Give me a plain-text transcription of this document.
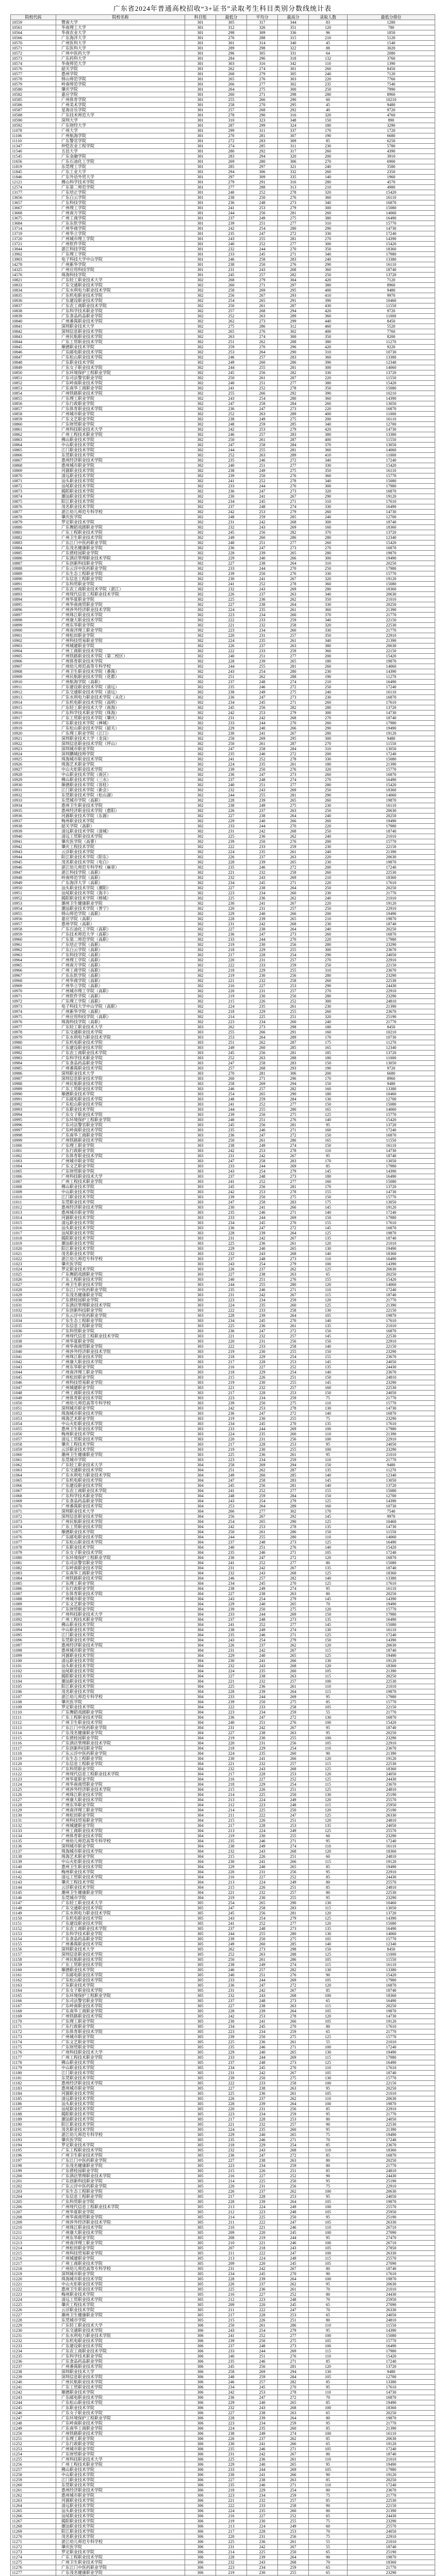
广东省2024年普通高校招收“3+证书”录取考生科目类别分数线统计表
院校代码	院校名称	科目组	最低分	平均分	最高分	录取人数	最低分排位
10559	暨南大学	301	305	317	344	83	1280
10561	华南理工大学	301	312	326	351	120	780
10564	华南农业大学	301	298	309	336	96	1850
10566	广东海洋大学	301	276	288	315	210	5120
10570	广州医科大学	301	301	314	340	45	1540
10571	广东医科大学	301	289	298	322	88	3020
10572	广州中医药大学	301	296	305	331	64	2080
10573	广东药科大学	301	284	296	318	132	3760
10574	华南师范大学	301	303	316	342	110	1390
10576	韶关学院	301	262	274	301	260	8450
10577	惠州学院	301	268	279	305	240	7120
10578	韩山师范学院	301	265	276	303	220	7760
10579	岭南师范学院	301	266	277	302	235	7540
10580	肇庆学院	301	264	275	300	250	7990
10582	嘉应学院	301	260	271	298	280	8960
10585	广州体育学院	301	255	266	290	60	10210
10586	广州美术学院	301	258	270	295	45	9480
10587	星海音乐学院	301	257	268	292	40	9720
10588	广东技术师范大学	301	278	290	316	320	4760
10590	深圳大学	301	310	323	348	150	890
10592	广东财经大学	301	287	299	324	180	3290
11078	广州大学	301	299	311	337	170	1720
11106	广州航海学院	301	270	281	307	190	6680
11110	广东警官学院	301	272	283	309	85	6250
11347	仲恺农业工程学院	301	274	285	311	230	5780
11540	五邑大学	301	280	292	317	260	4390
11545	广东金融学院	301	283	294	320	200	3910
11656	广东石油化工学院	301	269	280	306	270	6900
11819	东莞理工学院	301	285	297	321	240	3580
11845	广东工业大学	301	294	306	332	260	2350
11846	广东外语外贸大学	301	297	309	335	140	1960
12121	佛山科学技术学院	301	279	291	316	280	4570
12574	广东第二师范学院	301	277	288	313	210	4980
13177	广东培正学院	301	240	252	278	320	15420
13656	广东白云学院	301	238	250	276	360	16110
13657	广东科技学院	301	236	248	273	340	16870
13667	广州理工学院	301	241	253	279	300	15080
13668	广州南方学院	301	244	256	281	260	14060
13675	广州工商学院	301	237	249	275	380	16490
13684	广东东软学院	301	239	251	277	310	15770
13714	广州华商学院	301	242	254	280	290	14730
13719	广州华立学院	301	235	247	272	330	17240
13720	广州城市理工学院	301	243	255	281	270	14390
13721	广州软件学院	301	240	252	277	300	15420
13844	湛江科技学院	301	232	244	270	350	18360
13902	广东理工学院	301	233	245	271	340	17980
13903	电子科技大学中山学院	301	246	258	283	240	13380
14278	广州新华学院	301	238	250	276	290	16110
14325	广州应用科技学院	301	231	243	268	360	18740
14576	珠海科技学院	301	245	257	282	250	13720
10821	广东轻工职业技术大学	302	268	279	304	420	7120
10833	广东交通职业技术学院	302	260	271	297	380	8960
10834	广东水利电力职业技术学院	302	258	269	295	400	9480
10835	广东机电职业技术学院	302	256	267	293	410	9970
10836	广东建设职业技术学院	302	254	265	291	390	10460
10837	广东农工商职业技术学院	302	250	261	287	430	11550
10838	广东科学技术职业学院	302	257	268	294	420	9720
10839	广东食品药品职业学院	302	252	263	289	360	11000
10840	广州番禺职业技术学院	302	262	273	299	440	8450
10841	深圳职业技术大学	302	275	286	312	460	5520
10842	深圳信息职业技术学院	302	265	276	302	400	7760
10843	广州民航职业技术学院	302	263	274	300	350	8200
10844	广东工贸职业技术学院	302	251	262	288	380	11270
10845	顺德职业技术学院	302	259	270	296	420	9220
10846	广东邮电职业技术学院	302	253	264	290	310	10730
10847	广东松山职业技术学院	302	246	257	283	360	13380
10848	广东职业技术学院	302	249	260	286	390	12340
10849	广东女子职业技术学院	302	244	255	281	300	14060
10850	广东环境保护工程职业学院	302	245	256	282	330	13720
10851	广东司法警官职业学院	302	250	261	287	220	11550
10852	广东岭南职业技术学院	302	240	251	277	380	15420
10853	广东南华工商职业学院	302	241	252	278	350	15080
10854	广州铁路职业技术学院	302	255	266	292	390	10210
10855	广东理工职业学院	302	243	254	280	360	14390
10856	广东行政职业学院	302	247	258	284	260	13050
10857	广东体育职业技术学院	302	236	247	273	220	16870
10858	广州城市职业学院	302	252	263	289	400	11000
10859	广东文艺职业学院	302	238	249	275	200	16110
10860	广东财贸职业学院	302	248	259	285	340	12700
10861	广州科技职业技术大学	302	242	253	279	420	14730
10862	广州工程技术职业学院	302	246	257	283	380	13380
10863	佛山职业技术学院	302	250	261	287	400	11550
10864	中山职业技术学院	302	247	258	284	370	13050
10865	江门职业技术学院	302	244	255	281	360	14060
10866	东莞职业技术学院	302	252	263	289	410	11000
10867	惠州经济职业技术学院	302	235	246	272	340	17240
10868	惠州城市职业学院	302	240	251	277	330	15420
10869	河源职业技术学院	302	238	249	275	350	16110
10870	清远职业技术学院	302	239	250	276	360	15770
10871	汕头职业技术学院	302	241	252	278	340	15080
10872	汕尾职业技术学院	302	233	244	270	300	17980
10873	揭阳职业技术学院	302	236	247	273	320	16870
10874	潮汕职业技术学院	302	230	241	267	290	19120
10875	阳江职业技术学院	302	234	245	271	310	17610
10876	茂名职业技术学院	302	237	248	274	330	16490
10877	湛江幼儿师范专科学校	302	242	253	279	260	14730
10878	肇庆医学院	302	248	259	285	240	12700
10879	罗定职业技术学院	302	231	242	268	300	18740
10880	广东舞蹈戏剧职业学院	302	232	243	269	160	18360
10881	广东工程职业技术学院	302	245	256	282	370	13720
10882	广州卫生职业技术学院	302	249	260	286	280	12340
10883	广东江门中医药职业学院	302	240	251	277	260	15420
10884	广东茂名健康职业学院	302	236	247	273	270	16870
10885	广东碧桂园职业学院	302	228	239	265	280	19870
10886	广东酒店管理职业技术学院	302	229	240	266	300	19490
10887	广东创新科技职业学院	302	227	238	264	310	20250
10888	广东云浮中医药职业学院	302	233	244	270	250	17980
10889	广东生态工程职业学院	302	239	250	276	330	15770
10890	广东信息工程职业学院	302	230	241	267	320	19120
10891	广东科贸职业学院	302	241	252	278	360	15080
10892	广东农工商职业技术学院（湛江）	302	232	243	269	280	18360
10893	广州现代信息工程职业技术学院	302	226	237	263	340	20630
10894	广州华夏职业学院	302	225	236	262	350	21010
10895	广州华南商贸职业学院	302	227	238	264	330	20250
10896	广州涉外经济职业技术学院	302	224	235	261	360	21390
10897	广州珠江职业技术学院	302	223	234	260	370	21770
10898	广州康大职业技术学院	302	222	233	259	340	22150
10899	广州东华职业学院	302	221	232	258	320	22530
10900	广州南洋理工职业学院	302	223	234	260	330	21770
10901	广州松田职业学院	302	220	231	257	350	22910
10902	广州科技贸易职业学院	302	224	235	261	340	21390
10903	广州城建职业学院	302	226	237	263	380	20630
10904	广州工商职业技术学院	302	222	233	259	360	22150
10905	广州铁路职业技术学院（第二校区）	302	240	251	277	200	15420
10906	广州体育职业技术学院	302	228	239	265	180	19870
10907	广州幼儿师范高等专科学校	302	244	255	281	260	14060
10908	广州卫生职业技术学院（番禺）	302	243	254	280	230	14390
10909	广州民航职业技术学院（花都）	302	251	262	288	190	11270
10910	广州航海学院（高职）	302	237	248	274	210	16490
10911	广东建设职业技术学院（清远）	302	235	246	272	250	17240
10912	广东交通职业技术学院（清远）	302	238	249	275	240	16110
10913	广东水利电力职业技术学院（从化）	302	236	247	273	230	16870
10914	广东机电职业技术学院（高明）	302	234	245	271	260	17610
10915	广东轻工职业技术大学（南海）	302	245	256	282	280	13720
10916	广东科学技术职业学院（珠海）	302	242	253	279	300	14730
10917	广东工贸职业技术学院（肇庆）	302	231	242	268	270	18740
10918	广东职业技术学院（禅城）	302	233	244	270	260	17980
10919	广东松山职业技术学院（韶关）	302	229	240	266	290	19490
10920	广东理工职业学院（江门）	302	230	241	267	280	19120
10921	深圳职业技术大学（龙岗）	302	258	269	295	300	9480
10922	深圳信息职业技术学院（坪山）	302	250	261	287	270	11550
10923	深圳城市职业学院	302	247	258	284	310	13050
10924	深圳鹏城技师学院	302	235	246	272	200	17240
10925	珠海城市职业技术学院	302	241	252	278	330	15080
10926	珠海艺术职业学院	302	224	235	261	180	21390
10927	中山火炬职业技术学院	302	239	250	276	320	15770
10928	中山职业技术学院（南区）	302	236	247	273	260	16870
10929	佛山职业技术学院（三水）	302	237	248	274	270	16490
10930	顺德职业技术学院（容桂）	302	240	251	277	280	15420
10931	江门职业技术学院（新会）	302	232	243	269	250	18360
10932	东莞职业技术学院（松山湖）	302	244	255	281	290	14060
10933	东莞城市学院（高职）	302	228	239	265	260	19870
10934	惠州卫生职业技术学院	302	238	249	275	230	16110
10935	惠州经济职业技术学院（惠阳）	302	226	237	263	250	20630
10936	河源职业技术学院（东源）	302	227	238	264	240	20250
10937	梅州职业技术学院	302	229	240	266	260	19490
10938	韶关学院（高职）	302	233	244	270	220	17980
10939	清远职业技术学院（清城）	302	231	242	268	250	18740
10940	清远工贸职业技术学院	302	225	236	262	240	21010
10941	肇庆医学院（高要）	302	239	250	276	200	15770
10942	肇庆工程技术学院	302	222	233	259	230	22150
10943	云浮职业技术学院	302	224	235	261	240	21390
10944	阳江职业技术学院（阳东）	302	226	237	263	220	20630
10945	茂名职业技术学院（电白）	302	228	239	265	230	19870
10946	湛江幼儿师范专科学校（麻章）	302	235	246	272	200	17240
10947	湛江科技学院（高职）	302	221	232	258	260	22530
10948	岭南师范学院（高职）	302	232	243	269	210	18360
10949	广东海洋大学（高职）	302	234	245	271	220	17610
10950	汕头职业技术学院（潮阳）	302	227	238	264	250	20250
10951	汕尾职业技术学院（海丰）	302	223	234	260	230	21770
10952	揭阳职业技术学院（榕城）	302	225	236	262	240	21010
10953	潮州卫生健康职业学院	302	230	241	267	220	19120
10954	潮汕职业技术学院（普宁）	302	220	231	257	250	22910
10955	韩山师范学院（高职）	302	229	240	266	200	19490
10956	嘉应学院（高职）	302	228	239	265	210	19870
10957	惠州学院（高职）	302	231	242	268	230	18740
10958	广东石油化工学院（高职）	302	227	238	264	240	20250
10959	广东技术师范大学（高职）	302	236	247	273	260	16870
10960	广东第二师范学院（高职）	302	233	244	270	220	17980
10961	广东培正学院（高职）	302	219	230	256	280	23290
10962	广东白云学院（高职）	302	218	229	255	300	23670
10963	广东科技学院（高职）	302	217	228	254	290	24050
10964	广州理工学院（高职）	302	220	231	257	270	22910
10965	广州南方学院（高职）	302	222	233	259	250	22150
10966	广州工商学院（高职）	302	218	229	255	310	23670
10967	广东东软学院（高职）	302	219	230	256	280	23290
10968	广州华商学院（高职）	302	221	232	258	260	22530
10969	广州华立学院（高职）	302	216	227	253	290	24430
10970	广州城市理工学院（高职）	302	220	231	257	270	22910
10971	广州软件学院（高职）	302	219	230	256	280	23290
10972	广东理工学院（高职）	302	215	226	252	300	24810
10973	电子科技大学中山学院（高职）	302	224	235	261	230	21390
10974	广州新华学院（高职）	302	218	229	255	260	23670
10975	广州应用科技学院（高职）	302	214	225	251	320	25190
10976	珠海科技学院（高职）	302	223	234	260	240	21770
10977	广东轻工职业技术大学	303	262	273	298	180	8450
10978	广东交通职业技术学院	303	255	266	291	160	10210
10979	广东水利电力职业技术学院	303	253	264	289	170	10730
10980	广东机电职业技术学院	303	251	262	287	175	11270
10981	广东建设职业技术学院	303	249	260	285	165	12340
10982	广东农工商职业技术学院	303	245	256	281	185	13720
10983	广东科学技术职业学院	303	252	263	288	180	11000
10984	广东食品药品职业学院	303	247	258	283	150	13050
10985	广州番禺职业技术学院	303	257	268	293	190	9720
10986	深圳职业技术大学	303	270	281	306	200	6680
10987	深圳信息职业技术学院	303	260	271	296	170	8960
10988	广州民航职业技术学院	303	258	269	294	150	9480
10989	广东工贸职业技术学院	303	246	257	282	160	13380
10990	顺德职业技术学院	303	254	265	290	180	10460
10991	广东邮电职业技术学院	303	248	259	284	130	12700
10992	广东松山职业技术学院	303	241	252	277	150	15080
10993	广东职业技术学院	303	244	255	280	165	14060
10994	广东女子职业技术学院	303	239	250	275	125	15770
10995	广东环境保护工程职业学院	303	240	251	276	140	15420
10996	广东司法警官职业学院	303	245	256	281	95	13720
10997	广东岭南职业技术学院	303	235	246	271	160	17240
10998	广东南华工商职业学院	303	236	247	272	150	16870
10999	广州铁路职业技术学院	303	250	261	286	165	11550
11000	广东理工职业学院	303	238	249	274	150	16110
11001	广东行政职业学院	303	242	253	278	110	14730
11002	广东体育职业技术学院	303	231	242	267	95	18740
11003	广州城市职业学院	303	247	258	283	170	13050
11004	广东文艺职业学院	303	233	244	269	85	17980
11005	广东财贸职业学院	303	243	254	279	145	14390
11006	广州科技职业技术大学	303	237	248	273	180	16490
11007	广州工程技术职业学院	303	241	252	277	160	15080
11008	佛山职业技术学院	303	245	256	281	170	13720
11009	中山职业技术学院	303	242	253	278	155	14730
11010	江门职业技术学院	303	239	250	275	150	15770
11011	东莞职业技术学院	303	247	258	283	175	13050
11012	惠州经济职业技术学院	303	230	241	266	145	19120
11013	惠州城市职业学院	303	235	246	271	140	17240
11014	河源职业技术学院	303	233	244	269	150	17980
11015	清远职业技术学院	303	234	245	270	155	17610
11016	汕头职业技术学院	303	236	247	272	145	16870
11017	汕尾职业技术学院	303	228	239	264	125	19870
11018	揭阳职业技术学院	303	231	242	267	135	18740
11019	潮汕职业技术学院	303	225	236	261	120	21010
11020	阳江职业技术学院	303	229	240	265	130	19490
11021	茂名职业技术学院	303	232	243	268	140	18360
11022	湛江幼儿师范专科学校	303	237	248	273	110	16490
11023	肇庆医学院	303	243	254	279	100	14390
11024	罗定职业技术学院	303	226	237	262	125	20630
11025	广东舞蹈戏剧职业学院	303	227	238	263	65	20250
11026	广东工程职业技术学院	303	240	251	276	155	15420
11027	广州卫生职业技术学院	303	244	255	280	120	14060
11028	广东江门中医药职业学院	303	235	246	271	110	17240
11029	广东茂名健康职业学院	303	231	242	267	115	18740
11030	广东碧桂园职业学院	303	223	234	259	120	21770
11031	广东酒店管理职业技术学院	303	224	235	260	125	21390
11032	广东创新科技职业学院	303	222	233	258	130	22150
11033	广东云浮中医药职业学院	303	228	239	264	105	19870
11034	广东生态工程职业学院	303	234	245	270	140	17610
11035	广东信息工程职业学院	303	225	236	261	135	21010
11036	广东科贸职业学院	303	236	247	272	150	16870
11037	广州现代信息工程职业技术学院	303	221	232	257	145	22530
11038	广州华夏职业学院	303	220	231	256	150	22910
11039	广州华南商贸职业学院	303	222	233	258	140	22150
11040	广州涉外经济职业技术学院	303	219	230	255	150	23290
11041	广州珠江职业技术学院	303	218	229	254	155	23670
11042	广州康大职业技术学院	303	217	228	253	145	24050
11043	广州东华职业学院	303	216	227	252	135	24430
11044	广州南洋理工职业学院	303	218	229	254	140	23670
11045	广州松田职业学院	303	215	226	251	150	24810
11046	广州科技贸易职业学院	303	219	230	255	145	23290
11047	广州城建职业学院	303	221	232	257	160	22530
11048	广州工商职业技术学院	303	217	228	253	150	24050
11049	广州体育职业技术学院	303	223	234	259	75	21770
11050	广州幼儿师范高等专科学校	303	239	250	275	110	15770
11051	深圳城市职业学院	303	242	253	278	130	14730
11052	珠海城市职业技术学院	303	236	247	272	140	16870
11053	珠海艺术职业学院	303	219	230	255	75	23290
11054	中山火炬职业技术学院	303	234	245	270	135	17610
11055	惠州卫生职业技术学院	303	233	244	269	100	17980
11056	梅州职业技术学院	303	224	235	260	110	21390
11057	清远工贸职业技术学院	303	220	231	256	100	22910
11058	肇庆工程技术学院	303	217	228	253	95	24050
11059	云浮职业技术学院	303	219	230	255	100	23290
11060	潮州卫生健康职业学院	303	225	236	261	95	21010
11061	东莞城市学院	303	223	234	259	110	21770
11062	广东轻工职业技术大学	304	258	269	294	150	9480
11063	广东交通职业技术学院	304	251	262	287	135	11270
11064	广东水利电力职业技术学院	304	249	260	285	140	12340
11065	广东机电职业技术学院	304	247	258	283	145	13050
11066	广东建设职业技术学院	304	245	256	281	140	13720
11067	广东农工商职业技术学院	304	241	252	277	155	15080
11068	广东科学技术职业学院	304	248	259	284	150	12700
11069	广东食品药品职业学院	304	243	254	279	125	14390
11070	广州番禺职业技术学院	304	253	264	289	160	10730
11071	深圳职业技术大学	304	266	277	302	170	7540
11072	深圳信息职业技术学院	304	256	267	292	145	9970
11073	广州民航职业技术学院	304	254	265	290	125	10460
11074	广东工贸职业技术学院	304	242	253	278	135	14730
11075	顺德职业技术学院	304	250	261	286	150	11550
11076	广东邮电职业技术学院	304	244	255	280	110	14060
11077	广东松山职业技术学院	304	237	248	273	125	16490
11078	广东职业技术学院	304	240	251	276	140	15420
11079	广东女子职业技术学院	304	235	246	271	105	17240
11080	广东环境保护工程职业学院	304	236	247	272	120	16870
11081	广东司法警官职业学院	304	241	252	277	80	15080
11082	广东岭南职业技术学院	304	231	242	267	135	18740
11083	广东南华工商职业学院	304	232	243	268	125	18360
11084	广州铁路职业技术学院	304	246	257	282	140	13380
11085	广东理工职业学院	304	234	245	270	125	17610
11086	广东行政职业学院	304	238	249	274	95	16110
11087	广东体育职业技术学院	304	227	238	263	80	20250
11088	广州城市职业学院	304	243	254	279	145	14390
11089	广东文艺职业学院	304	229	240	265	70	19490
11090	广东财贸职业学院	304	239	250	275	120	15770
11091	广州科技职业技术大学	304	233	244	269	150	17980
11092	广州工程技术职业学院	304	237	248	273	135	16490
11093	佛山职业技术学院	304	241	252	277	145	15080
11094	中山职业技术学院	304	238	249	274	130	16110
11095	江门职业技术学院	304	235	246	271	125	17240
11096	东莞职业技术学院	304	243	254	279	150	14390
11097	惠州经济职业技术学院	304	226	237	262	120	20630
11098	惠州城市职业学院	304	231	242	267	115	18740
11099	河源职业技术学院	304	229	240	265	125	19490
11100	清远职业技术学院	304	230	241	266	130	19120
11101	汕头职业技术学院	304	232	243	268	120	18360
11102	汕尾职业技术学院	304	224	235	260	105	21390
11103	揭阳职业技术学院	304	227	238	263	115	20250
11104	潮汕职业技术学院	304	221	232	257	100	22530
11105	阳江职业技术学院	304	225	236	261	110	21010
11106	茂名职业技术学院	304	228	239	264	115	19870
11107	湛江幼儿师范专科学校	304	233	244	269	95	17980
11108	肇庆医学院	304	239	250	275	85	15770
11109	罗定职业技术学院	304	222	233	258	105	22150
11110	广东舞蹈戏剧职业学院	304	223	234	259	55	21770
11111	广东工程职业技术学院	304	236	247	272	130	16870
11112	广州卫生职业技术学院	304	240	251	276	100	15420
11113	广东江门中医药职业学院	304	231	242	267	95	18740
11114	广东茂名健康职业学院	304	227	238	263	95	20250
11115	广东碧桂园职业学院	304	219	230	255	100	23290
11116	广东酒店管理职业技术学院	304	220	231	256	105	22910
11117	广东创新科技职业学院	304	218	229	254	110	23670
11118	广东云浮中医药职业学院	304	224	235	260	90	21390
11119	广东生态工程职业学院	304	230	241	266	120	19120
11120	广东信息工程职业学院	304	221	232	257	115	22530
11121	广东科贸职业学院	304	232	243	268	125	18360
11122	广州现代信息工程职业技术学院	304	217	228	253	120	24050
11123	广州华夏职业学院	304	216	227	252	125	24430
11124	广州华南商贸职业学院	304	218	229	254	115	23670
11125	广州涉外经济职业技术学院	304	215	226	251	125	24810
11126	广州珠江职业技术学院	304	214	225	250	130	25190
11127	广州康大职业技术学院	304	213	224	249	120	25570
11128	广州东华职业学院	304	212	223	248	115	25950
11129	广州南洋理工职业学院	304	214	225	250	120	25190
11130	广州松田职业学院	304	211	222	247	125	26330
11131	广州科技贸易职业学院	304	215	226	251	120	24810
11132	广州城建职业学院	304	217	228	253	135	24050
11133	广州工商职业技术学院	304	213	224	249	125	25570
11134	广州体育职业技术学院	304	219	230	255	60	23290
11135	广州幼儿师范高等专科学校	304	235	246	271	95	17240
11136	深圳城市职业学院	304	238	249	274	110	16110
11137	珠海城市职业技术学院	304	232	243	268	120	18360
11138	珠海艺术职业学院	304	215	226	251	60	24810
11139	中山火炬职业技术学院	304	230	241	266	115	19120
11140	惠州卫生职业技术学院	304	229	240	265	85	19490
11141	梅州职业技术学院	304	220	231	256	95	22910
11142	清远工贸职业技术学院	304	216	227	252	85	24430
11143	肇庆工程技术学院	304	213	224	249	80	25570
11144	云浮职业技术学院	304	215	226	251	85	24810
11145	潮州卫生健康职业学院	304	221	232	257	80	22530
11146	东莞城市学院	304	219	230	255	95	23290
11147	广东轻工职业技术大学	305	254	265	290	130	10460
11148	广东交通职业技术学院	305	247	258	283	115	13050
11149	广东水利电力职业技术学院	305	245	256	281	120	13720
11150	广东机电职业技术学院	305	243	254	279	125	14390
11151	广东建设职业技术学院	305	241	252	277	120	15080
11152	广东农工商职业技术学院	305	237	248	273	135	16490
11153	广东科学技术职业学院	305	244	255	280	130	14060
11154	广东食品药品职业学院	305	239	250	275	105	15770
11155	广州番禺职业技术学院	305	249	260	285	140	12340
11156	深圳职业技术大学	305	262	273	298	150	8450
11157	深圳信息职业技术学院	305	252	263	288	125	11000
11158	广州民航职业技术学院	305	250	261	286	105	11550
11159	广东工贸职业技术学院	305	238	249	274	115	16110
11160	顺德职业技术学院	305	246	257	282	130	13380
11161	广东邮电职业技术学院	305	240	251	276	90	15420
11162	广东松山职业技术学院	305	233	244	269	105	17980
11163	广东职业技术学院	305	236	247	272	120	16870
11164	广东女子职业技术学院	305	231	242	267	85	18740
11165	广东环境保护工程职业学院	305	232	243	268	100	18360
11166	广东司法警官职业学院	305	237	248	273	65	16490
11167	广东岭南职业技术学院	305	227	238	263	115	20250
11168	广东南华工商职业学院	305	228	239	264	105	19870
11169	广州铁路职业技术学院	305	242	253	278	120	14730
11170	广东理工职业学院	305	230	241	266	105	19120
11171	广东行政职业学院	305	234	245	270	80	17610
11172	广东体育职业技术学院	305	223	234	259	65	21770
11173	广州城市职业学院	305	239	250	275	125	15770
11174	广东文艺职业学院	305	225	236	261	55	21010
11175	广东财贸职业学院	305	235	246	271	100	17240
11176	广州科技职业技术大学	305	229	240	265	130	19490
11177	广州工程技术职业学院	305	233	244	269	115	17980
11178	佛山职业技术学院	305	237	248	273	125	16490
11179	中山职业技术学院	305	234	245	270	110	17610
11180	江门职业技术学院	305	231	242	267	105	18740
11181	东莞职业技术学院	305	239	250	275	130	15770
11182	惠州经济职业技术学院	305	222	233	258	100	22150
11183	惠州城市职业学院	305	227	238	263	95	20250
11184	河源职业技术学院	305	225	236	261	105	21010
11185	清远职业技术学院	305	226	237	262	110	20630
11186	汕头职业技术学院	305	228	239	264	100	19870
11187	汕尾职业技术学院	305	220	231	256	85	22910
11188	揭阳职业技术学院	305	223	234	259	95	21770
11189	潮汕职业技术学院	305	217	228	253	80	24050
11190	阳江职业技术学院	305	221	232	257	90	22530
11191	茂名职业技术学院	305	224	235	260	95	21390
11192	湛江幼儿师范专科学校	305	229	240	265	75	19490
11193	肇庆医学院	305	235	246	271	70	17240
11194	罗定职业技术学院	305	218	229	254	85	23670
11195	广东工程职业技术学院	305	232	243	268	110	18360
11196	广州卫生职业技术学院	305	236	247	272	85	16870
11197	广东江门中医药职业学院	305	227	238	263	80	20250
11198	广东茂名健康职业学院	305	223	234	259	80	21770
11199	广东碧桂园职业学院	305	215	226	251	85	24810
11200	广东酒店管理职业技术学院	305	216	227	252	90	24430
11201	广东创新科技职业学院	305	214	225	250	95	25190
11202	广东云浮中医药职业学院	305	220	231	256	75	22910
11203	广东生态工程职业学院	305	226	237	262	100	20630
11204	广东信息工程职业学院	305	217	228	253	95	24050
11205	广东科贸职业学院	305	228	239	264	105	19870
11206	广州现代信息工程职业技术学院	305	213	224	249	100	25570
11207	广州华夏职业学院	305	212	223	248	105	25950
11208	广州华南商贸职业学院	305	214	225	250	95	25190
11209	广州涉外经济职业技术学院	305	211	222	247	105	26330
11210	广州珠江职业技术学院	305	210	221	246	110	26710
11211	广州康大职业技术学院	305	209	220	245	100	27090
11212	广州东华职业学院	305	208	219	244	95	27470
11213	广州南洋理工职业学院	305	210	221	246	100	26710
11214	广州松田职业学院	305	207	218	243	105	27850
11215	广州科技贸易职业学院	305	211	222	247	100	26330
11216	广州城建职业学院	305	213	224	249	115	25570
11217	广州工商职业技术学院	305	209	220	245	105	27090
11218	广州幼儿师范高等专科学校	305	231	242	267	80	18740
11219	深圳城市职业学院	305	234	245	270	90	17610
11220	珠海城市职业技术学院	305	228	239	264	100	19870
11221	中山火炬职业技术学院	305	226	237	262	95	20630
11222	惠州卫生职业技术学院	305	225	236	261	70	21010
11223	梅州职业技术学院	305	216	227	252	80	24430
11224	清远工贸职业技术学院	305	212	223	248	70	25950
11225	肇庆工程技术学院	305	209	220	245	65	27090
11226	云浮职业技术学院	305	211	222	247	70	26330
11227	潮州卫生健康职业学院	305	217	228	253	65	24050
11228	东莞城市学院	305	215	226	251	80	24810
11229	广东轻工职业技术大学	306	250	261	286	110	11550
11230	广东交通职业技术学院	306	243	254	279	95	14390
11231	广东水利电力职业技术学院	306	241	252	277	100	15080
11232	广东机电职业技术学院	306	239	250	275	105	15770
11233	广东建设职业技术学院	306	237	248	273	100	16490
11234	广东农工商职业技术学院	306	233	244	269	115	17980
11235	广东科学技术职业学院	306	240	251	276	110	15420
11236	广东食品药品职业学院	306	235	246	271	85	17240
11237	广州番禺职业技术学院	306	245	256	281	120	13720
11238	深圳职业技术大学	306	258	269	294	130	9480
11239	深圳信息职业技术学院	306	248	259	284	105	12700
11240	广州民航职业技术学院	306	246	257	282	85	13380
11241	广东工贸职业技术学院	306	234	245	270	95	17610
11242	顺德职业技术学院	306	242	253	278	110	14730
11243	广东邮电职业技术学院	306	236	247	272	70	16870
11244	广东松山职业技术学院	306	229	240	265	85	19490
11245	广东职业技术学院	306	232	243	268	100	18360
11246	广东女子职业技术学院	306	227	238	263	65	20250
11247	广东环境保护工程职业学院	306	228	239	264	80	19870
11248	广东岭南职业技术学院	306	223	234	259	95	21770
11249	广东南华工商职业学院	306	224	235	260	85	21390
11250	广州铁路职业技术学院	306	238	249	274	100	16110
11251	广东理工职业学院	306	226	237	262	85	20630
11252	广东行政职业学院	306	230	241	266	65	19120
11253	广州城市职业学院	306	235	246	271	105	17240
11254	广东财贸职业学院	306	231	242	267	80	18740
11255	广州科技职业技术大学	306	225	236	261	110	21010
11256	广州工程技术职业学院	306	229	240	265	95	19490
11257	佛山职业技术学院	306	233	244	269	105	17980
11258	中山职业技术学院	306	230	241	266	90	19120
11259	江门职业技术学院	306	227	238	263	85	20250
11260	东莞职业技术学院	306	235	246	271	110	17240
11261	惠州经济职业技术学院	306	218	229	254	80	23670
11262	惠州城市职业学院	306	223	234	259	75	21770
11263	河源职业技术学院	306	221	232	257	85	22530
11264	清远职业技术学院	306	222	233	258	90	22150
11265	汕头职业技术学院	306	224	235	260	80	21390
11266	汕尾职业技术学院	306	216	227	252	65	24430
11267	揭阳职业技术学院	306	219	230	255	75	23290
11268	潮汕职业技术学院	306	213	224	249	60	25570
11269	阳江职业技术学院	306	217	228	253	70	24050
11270	茂名职业技术学院	306	220	231	256	75	22910
11271	湛江幼儿师范专科学校	306	225	236	261	55	21010
11272	肇庆医学院	306	231	242	267	55	18740
11273	罗定职业技术学院	306	214	225	250	65	25190
11274	广东工程职业技术学院	306	228	239	264	90	19870
11275	广州卫生职业技术学院	306	232	243	268	70	18360
11276	广东江门中医药职业学院	306	223	234	259	65	21770
11277	广东茂名健康职业学院	306	219	230	255	65	23290
